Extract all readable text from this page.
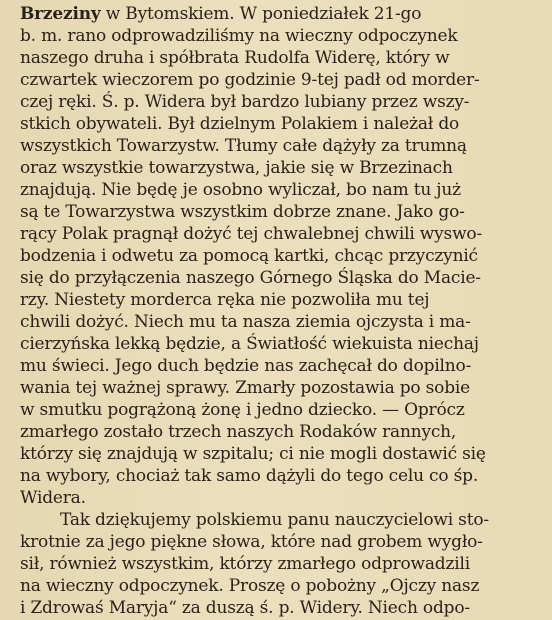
Brzeziny w Bytomskiem. W poniedziałek 21-go
b. m. rano odprowadziliśmy na wieczny odpoczynek
naszego druha i spółbrata Rudolfa Widerę, który w
czwartek wieczorem po godzinie 9-tej padł od morder-
czej ręki. Ś. p. Widera był bardzo lubiany przez wszy-
stkich obywateli. Był dzielnym Polakiem i należał do
wszystkich Towarzystw. Tłumy całe dążyły za trumną
oraz wszystkie towarzystwa, jakie się w Brzezinach
znajdują. Nie będę je osobno wyliczał, bo nam tu już
są te Towarzystwa wszystkim dobrze znane. Jako go-
rący Polak pragnął dożyć tej chwalebnej chwili wyswo-
bodzenia i odwetu za pomocą kartki, chcąc przyczynić
się do przyłączenia naszego Górnego Śląska do Macie-
rzy. Niestety morderca ręka nie pozwoliła mu tej
chwili dożyć. Niech mu ta nasza ziemia ojczysta i ma-
cierzyńska lekką będzie, a Światłość wiekuista niechaj
mu świeci. Jego duch będzie nas zachęcał do dopilno-
wania tej ważnej sprawy. Zmarły pozostawia po sobie
w smutku pogrążoną żonę i jedno dziecko. — Oprócz
zmarłego zostało trzech naszych Rodaków rannych,
którzy się znajdują w szpitalu; ci nie mogli dostawić się
na wybory, chociaż tak samo dążyli do tego celu co śp.
Widera.
Tak dziękujemy polskiemu panu nauczycielowi sto-
krotnie za jego piękne słowa, które nad grobem wygło-
sił, również wszystkim, którzy zmarłego odprowadzili
na wieczny odpoczynek. Proszę o pobożny „Ojczy nasz
i Zdrowaś Maryja“ za duszą ś. p. Widery. Niech odpo-
